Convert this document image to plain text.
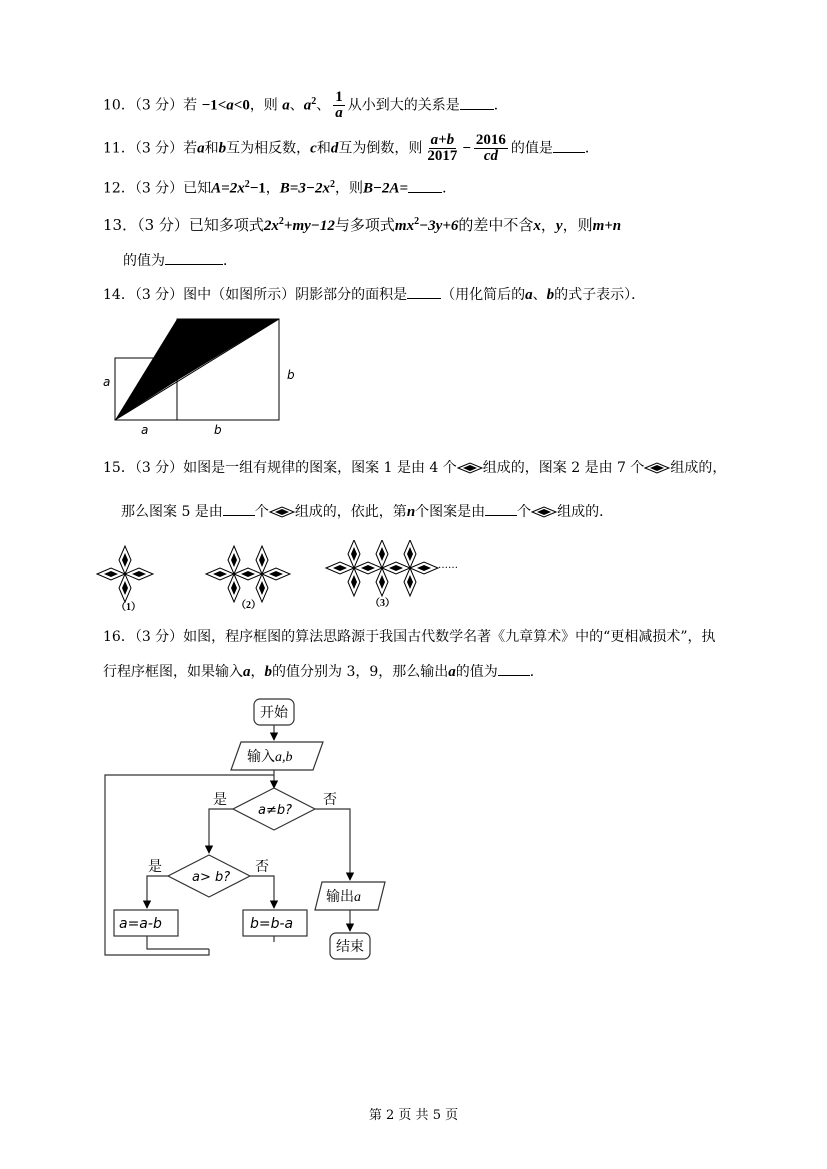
10．（3 分）若 −1<a<0，则 a、$a^2$、 $\frac{1}{a}$ 从小到大的关系是 ．
11．（3 分）若a和b互为相反数，c和d互为倒数，则 $\frac{a+b}{2017} - \frac{2016}{cd}$ 的值是 ．
12．（3 分）已知$A=2x^2-1$，$B=3-2x^2$，则B−2A= ．
13．（3 分）已知多项式$2x^2+my-12$与多项式$mx^2-3y+6$的差中不含x，y，则m+n
的值为	．
14．（3 分）图中（如图所示）阴影部分的面积是 （用化简后的a、b的式子表示）．
a
a	b
b
15．（3 分）如图是一组有规律的图案，图案 1 是由 4 个 组成的，图案 2 是由 7 个 组成的，
那么图案 5 是由 个 组成的，依此，第n个图案是由 个 组成的．
……
（1）	（2）	（3）
16．（3 分）如图，程序框图的算法思路源于我国古代数学名著《九章算术》中的“更相减损术”，执
行程序框图，如果输入a，b的值分别为 3，9，那么输出a的值为 ．
开始
输入a,b
a≠b?
是	否
a> b?
是	否
a=a-b	b=b-a
输出a
结束
第 2 页 共 5 页
